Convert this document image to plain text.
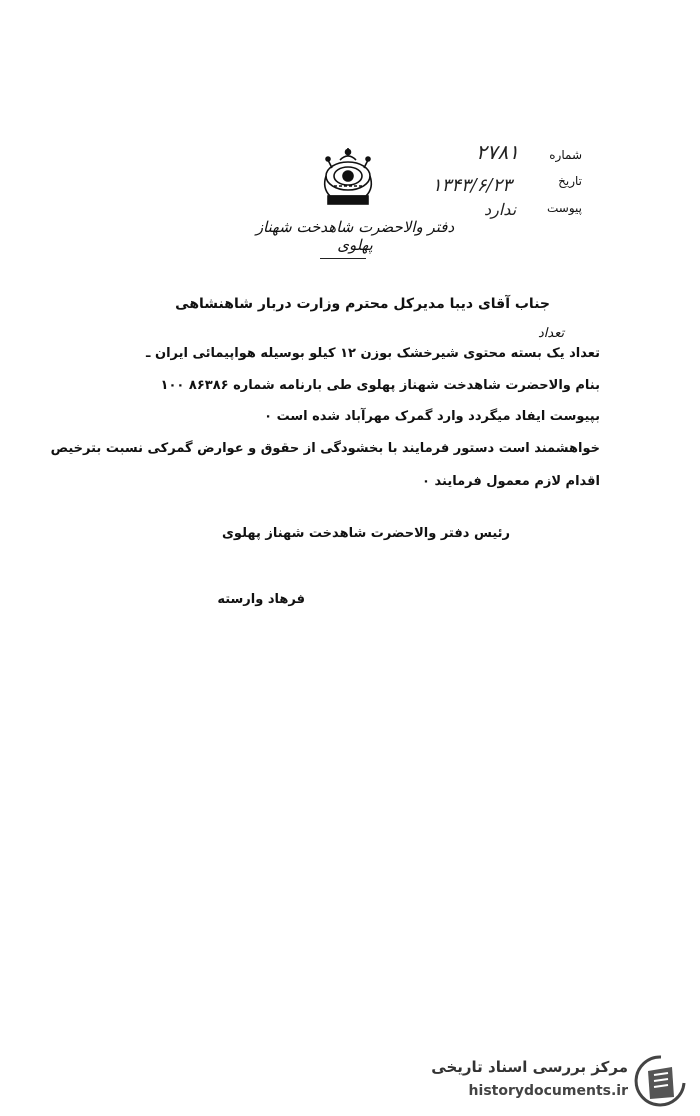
دفتر والاحضرت شاهدخت شهناز پهلوی
شماره
۲۷۸۱
تاریخ
۱۳۴۳/۶/۲۳
پیوست
ندارد
جناب آقای دیبا مدیرکل محترم وزارت دربار شاهنشاهی
تعداد
تعداد یک بسته محتوی شیرخشک بوزن ۱۲ کیلو بوسیله هواپیمائی ایران ـ
بنام والاحضرت شاهدخت شهناز پهلوی طی بارنامه شماره ۸۶۳۸۶ ۱۰۰
بپیوست ایفاد میگردد وارد گمرک مهرآباد شده است ۰
خواهشمند است دستور فرمایند با بخشودگی از حقوق و عوارض گمرکی نسبت بترخیص
اقدام لازم معمول فرمایند ۰
رئیس دفتر والاحضرت شاهدخت شهناز پهلوی
فرهاد وارسته
مرکز بررسی اسناد تاریخی
historydocuments.ir
